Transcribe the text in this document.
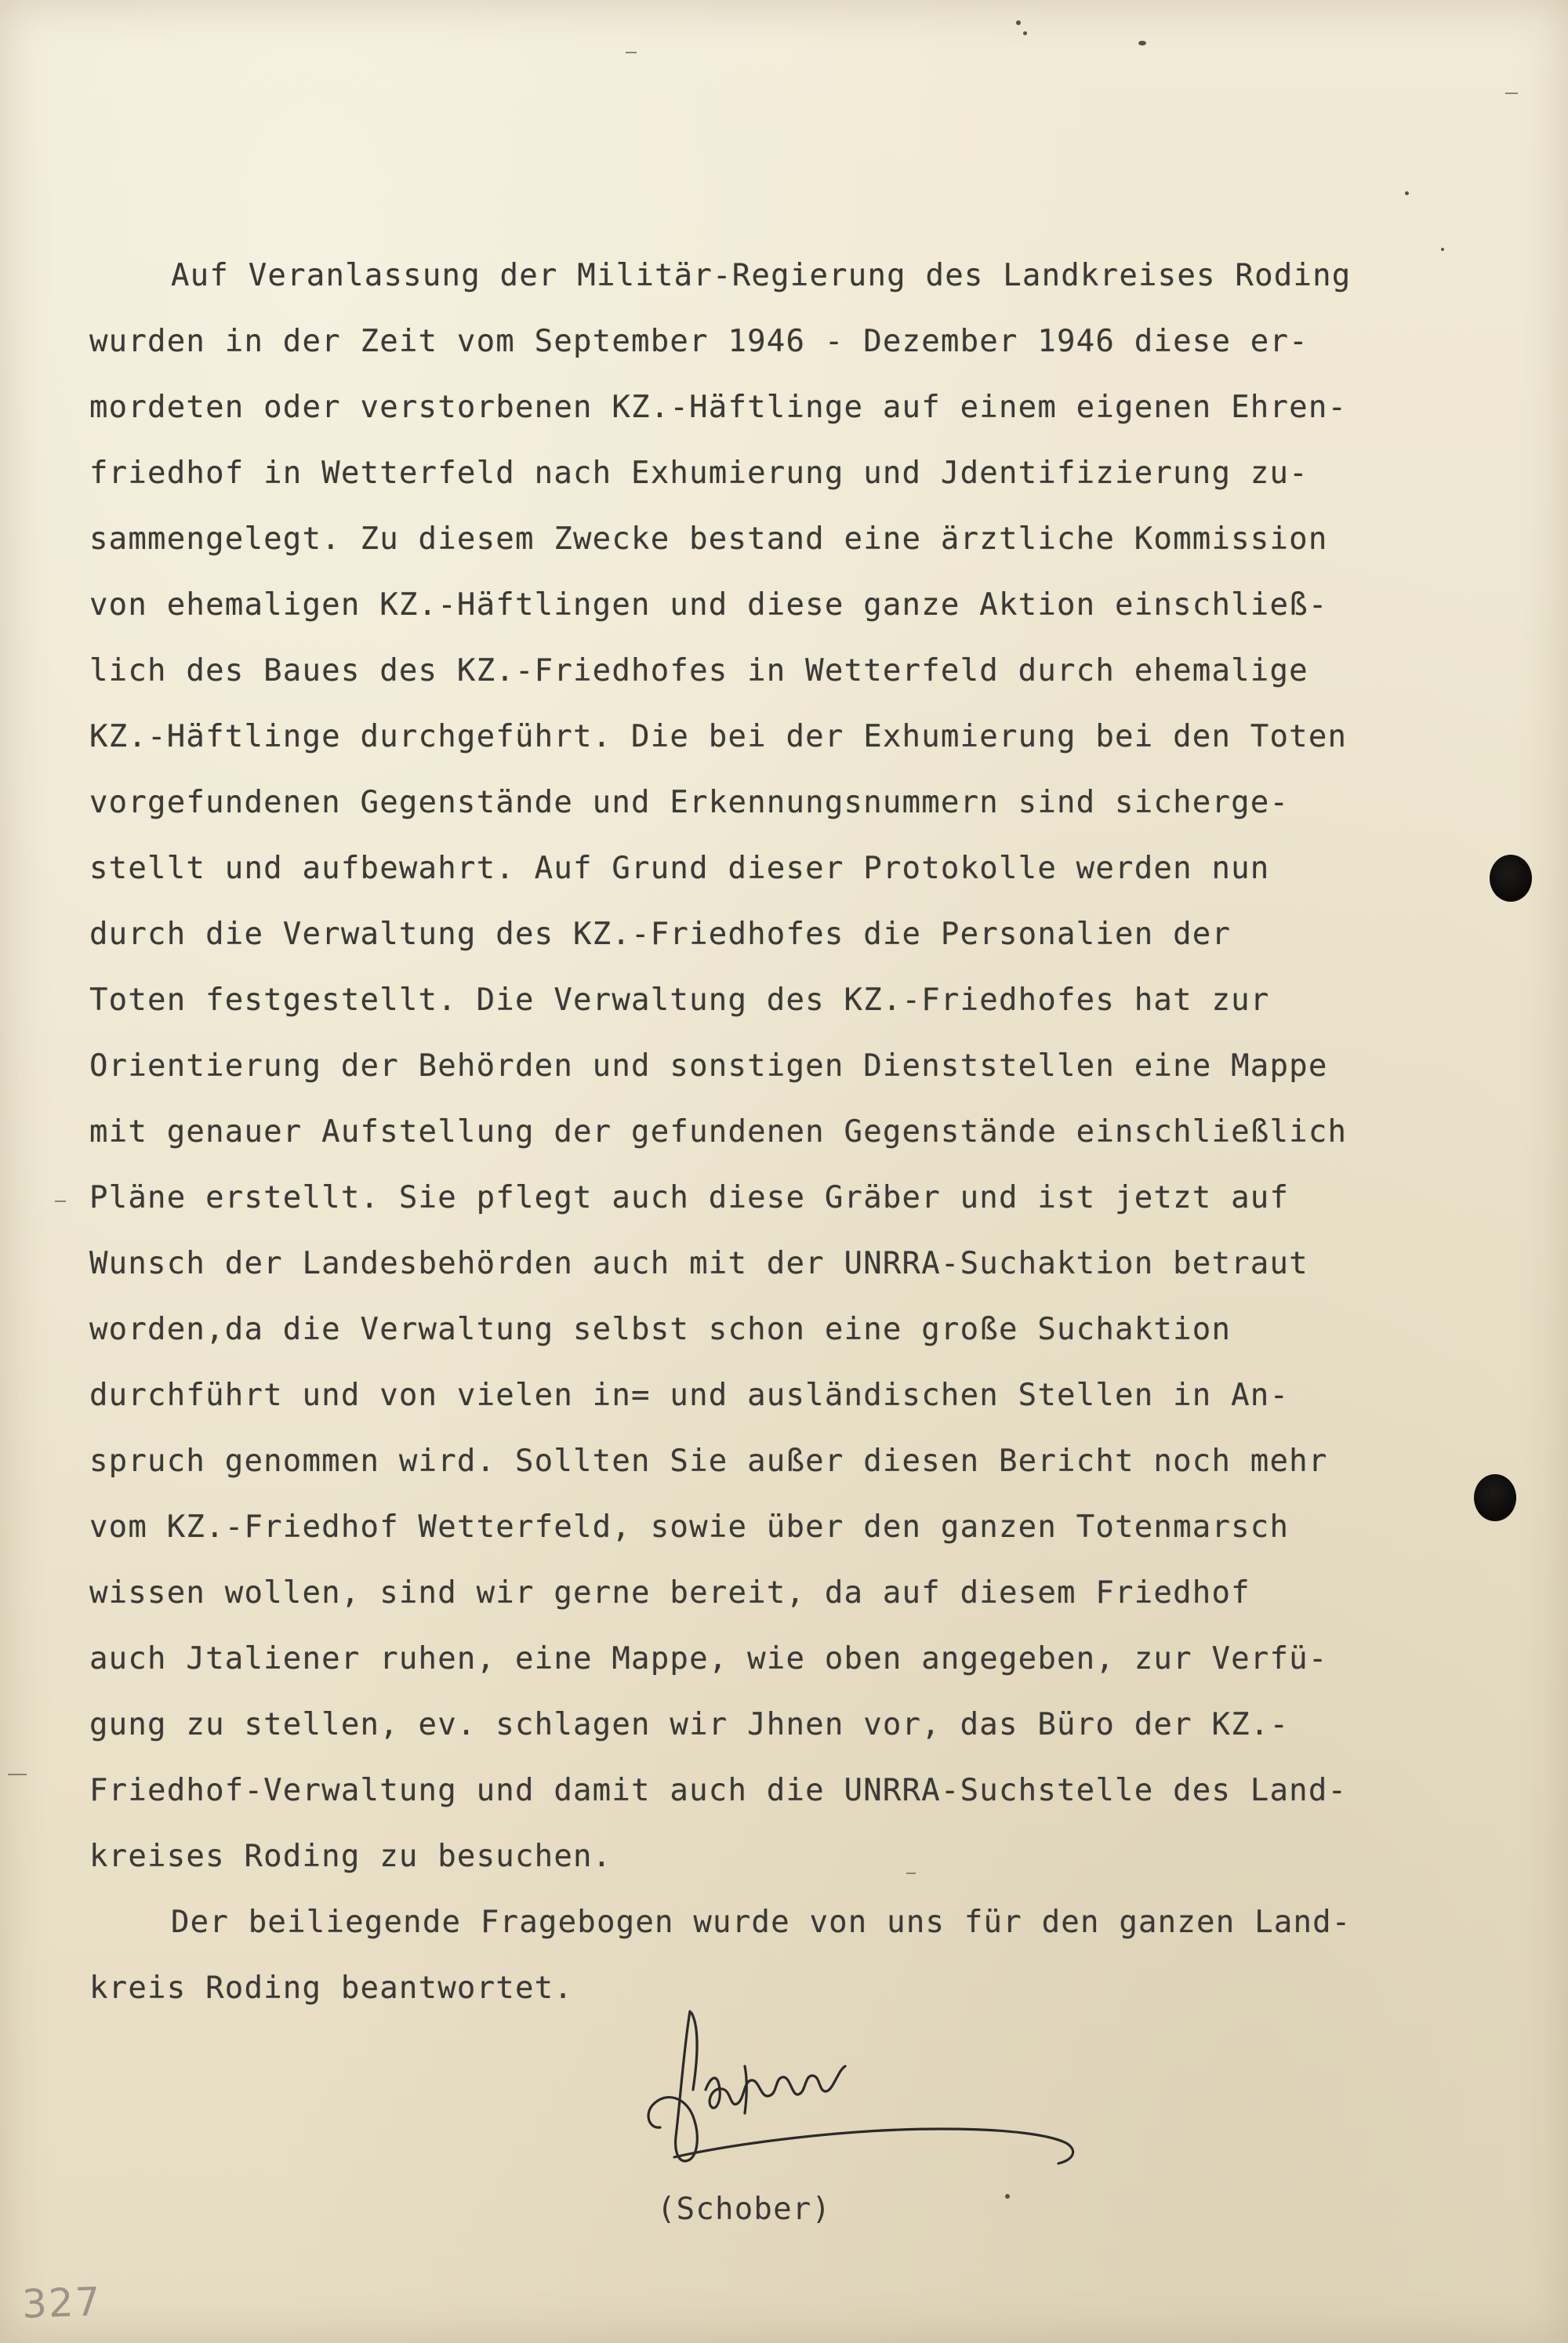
Auf Veranlassung der Militär-Regierung des Landkreises Roding
wurden in der Zeit vom September 1946 - Dezember 1946 diese er-
mordeten oder verstorbenen KZ.-Häftlinge auf einem eigenen Ehren-
friedhof in Wetterfeld nach Exhumierung und Jdentifizierung zu-
sammengelegt. Zu diesem Zwecke bestand eine ärztliche Kommission
von ehemaligen KZ.-Häftlingen und diese ganze Aktion einschließ-
lich des Baues des KZ.-Friedhofes in Wetterfeld durch ehemalige
KZ.-Häftlinge durchgeführt. Die bei der Exhumierung bei den Toten
vorgefundenen Gegenstände und Erkennungsnummern sind sicherge-
stellt und aufbewahrt. Auf Grund dieser Protokolle werden nun
durch die Verwaltung des KZ.-Friedhofes die Personalien der
Toten festgestellt. Die Verwaltung des KZ.-Friedhofes hat zur
Orientierung der Behörden und sonstigen Dienststellen eine Mappe
mit genauer Aufstellung der gefundenen Gegenstände einschließlich
Pläne erstellt. Sie pflegt auch diese Gräber und ist jetzt auf
Wunsch der Landesbehörden auch mit der UNRRA-Suchaktion betraut
worden,da die Verwaltung selbst schon eine große Suchaktion
durchführt und von vielen in= und ausländischen Stellen in An-
spruch genommen wird. Sollten Sie außer diesen Bericht noch mehr
vom KZ.-Friedhof Wetterfeld, sowie über den ganzen Totenmarsch
wissen wollen, sind wir gerne bereit, da auf diesem Friedhof
auch Jtaliener ruhen, eine Mappe, wie oben angegeben, zur Verfü-
gung zu stellen, ev. schlagen wir Jhnen vor, das Büro der KZ.-
Friedhof-Verwaltung und damit auch die UNRRA-Suchstelle des Land-
kreises Roding zu besuchen.
Der beiliegende Fragebogen wurde von uns für den ganzen Land-
kreis Roding beantwortet.
(Schober)
327
